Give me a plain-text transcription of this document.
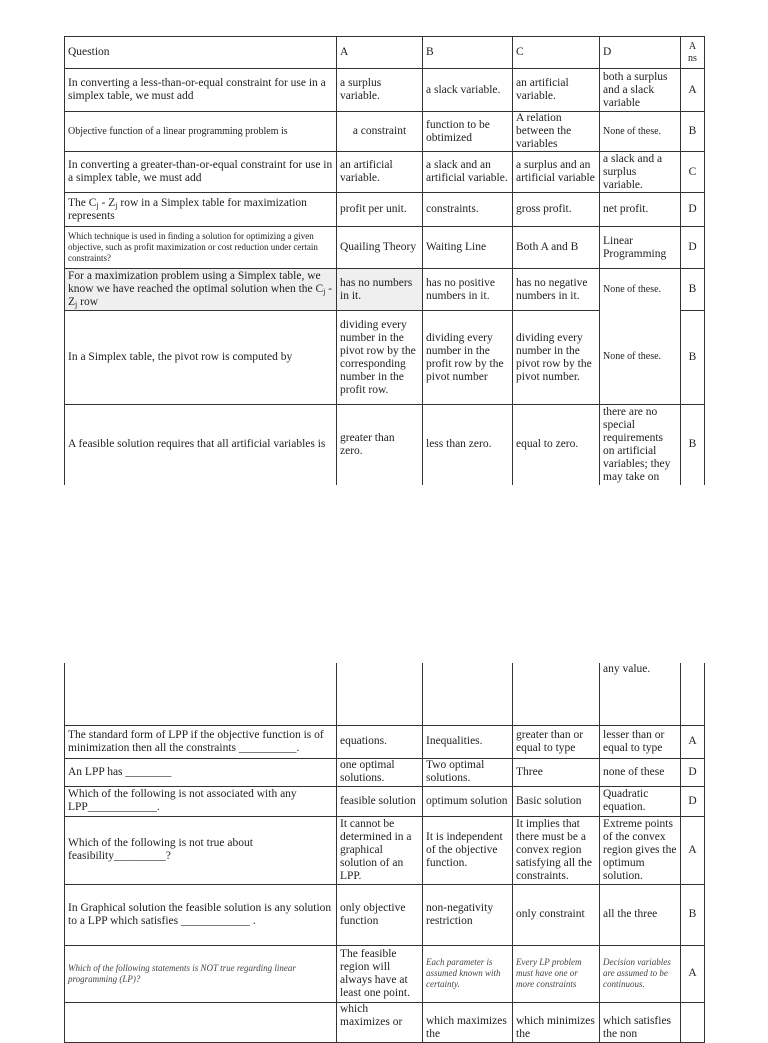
Question	A	B	C	D	A ns
In converting a less-than-or-equal constraint for use in a simplex table, we must add	a surplus variable.	a slack variable.	an artificial variable.	both a surplus and a slack variable	A
Objective function of a linear programming problem is	a constraint	function to be obtimized	A relation between the variables	None of these.	B
In converting a greater-than-or-equal constraint for use in a simplex table, we must add	an artificial variable.	a slack and an artificial variable.	a surplus and an artificial variable	a slack and a surplus variable.	C
The $C_j - Z_j$ row in a Simplex table for maximization represents	profit per unit.	constraints.	gross profit.	net profit.	D
Which technique is used in finding a solution for optimizing a given objective, such as profit maximization or cost reduction under certain constraints?	Quailing Theory	Waiting Line	Both A and B	Linear Programming	D
For a maximization problem using a Simplex table, we know we have reached the optimal solution when the $C_j - Z_j$ row	has no numbers in it.	has no positive numbers in it.	has no negative numbers in it.	None of these.	B
In a Simplex table, the pivot row is computed by	dividing every number in the pivot row by the corresponding number in the profit row.	dividing every number in the profit row by the pivot number	dividing every number in the pivot row by the pivot number.	None of these.	B
A feasible solution requires that all artificial variables is	greater than zero.	less than zero.	equal to zero.	there are no special requirements on artificial variables; they may take on	B
				any value.	
The standard form of LPP if the objective function is of minimization then all the constraints __________.	equations.	Inequalities.	greater than or equal to type	lesser than or equal to type	A
An LPP has ________	one optimal solutions.	Two optimal solutions.	Three	none of these	D
Which of the following is not associated with any LPP____________.	feasible solution	optimum solution	Basic solution	Quadratic equation.	D
Which of the following is not true about feasibility_________?	It cannot be determined in a graphical solution of an LPP.	It is independent of the objective function.	It implies that there must be a convex region satisfying all the constraints.	Extreme points of the convex region gives the optimum solution.	A
In Graphical solution the feasible solution is any solution to a LPP which satisfies ____________ .	only objective function	non-negativity restriction	only constraint	all the three	B
Which of the following statements is NOT true regarding linear programming (LP)?	The feasible region will always have at least one point.	Each parameter is assumed known with certainty.	Every LP problem must have one or more constraints	Decision variables are assumed to be continuous.	A
	which maximizes or	which maximizes the	which minimizes the	which satisfies the non	
